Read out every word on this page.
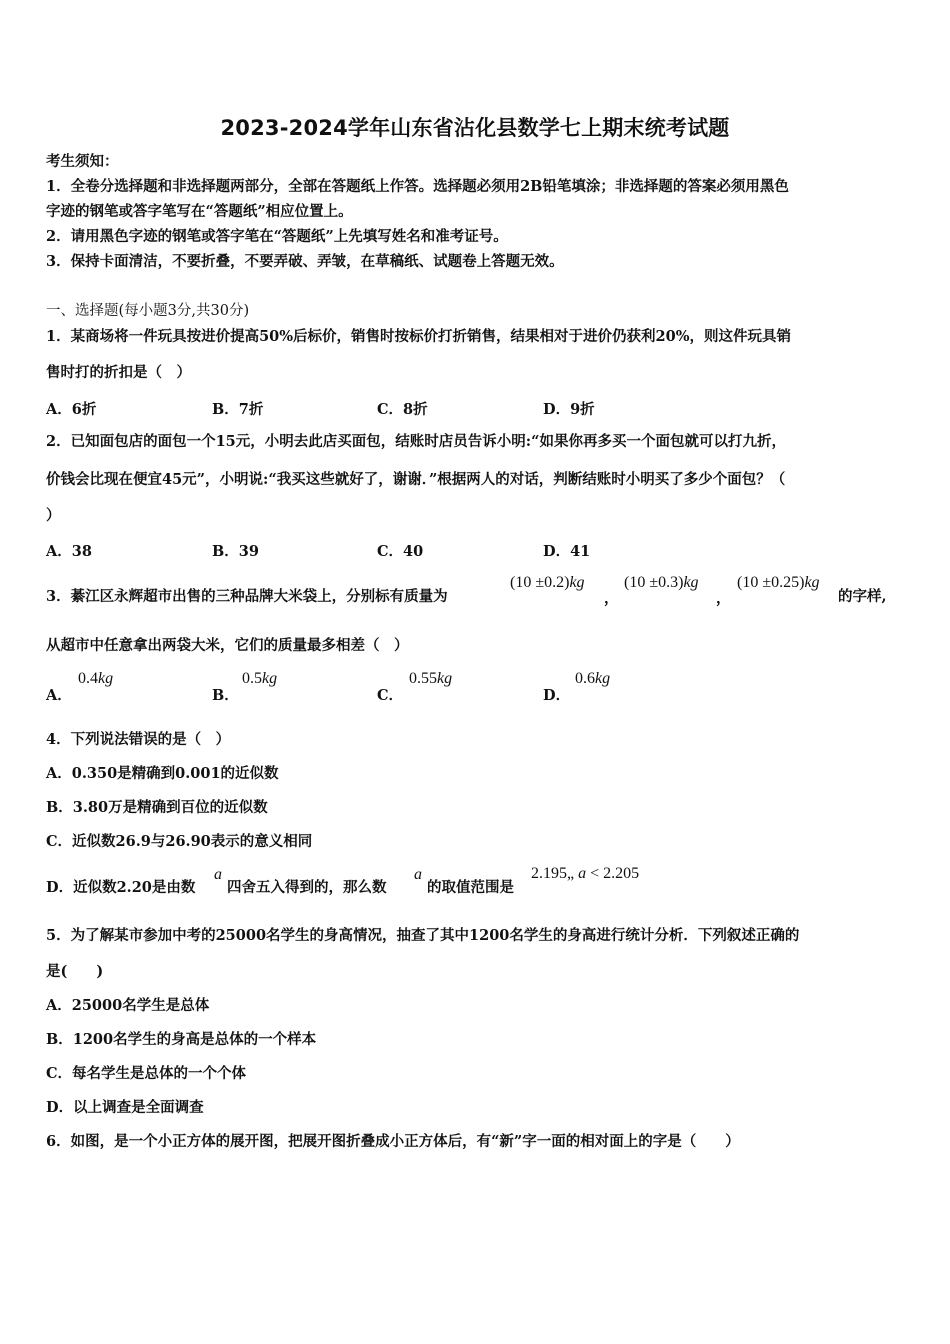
2023-2024学年山东省沾化县数学七上期末统考试题
考生须知：
1．全卷分选择题和非选择题两部分，全部在答题纸上作答。选择题必须用2B铅笔填涂；非选择题的答案必须用黑色
字迹的钢笔或答字笔写在“答题纸”相应位置上。
2．请用黑色字迹的钢笔或答字笔在“答题纸”上先填写姓名和准考证号。
3．保持卡面清洁，不要折叠，不要弄破、弄皱，在草稿纸、试题卷上答题无效。
一、选择题(每小题3分,共30分)
1．某商场将一件玩具按进价提高50%后标价，销售时按标价打折销售，结果相对于进价仍获利20%，则这件玩具销
售时打的折扣是（　）
A．6折	B．7折	C．8折	D．9折
2．已知面包店的面包一个15元，小明去此店买面包，结账时店员告诉小明:“如果你再多买一个面包就可以打九折，
价钱会比现在便宜45元”，小明说:“我买这些就好了，谢谢．”根据两人的对话，判断结账时小明买了多少个面包？（
）
A．38	B．39	C．40	D．41
3．綦江区永辉超市出售的三种品牌大米袋上，分别标有质量为
(10 ±0.2)kg
，
(10 ±0.3)kg
，
(10 ±0.25)kg
的字样,
从超市中任意拿出两袋大米，它们的质量最多相差（　）
A．
0.4kg
B．
0.5kg
C．
0.55kg
D．
0.6kg
4．下列说法错误的是（　）
A．0.350是精确到0.001的近似数
B．3.80万是精确到百位的近似数
C．近似数26.9与26.90表示的意义相同
D．近似数2.20是由数
a
四舍五入得到的，那么数
a
的取值范围是
2.195„ a < 2.205
5．为了解某市参加中考的25000名学生的身高情况，抽查了其中1200名学生的身高进行统计分析．下列叙述正确的
是(　　)
A．25000名学生是总体
B．1200名学生的身高是总体的一个样本
C．每名学生是总体的一个个体
D．以上调查是全面调查
6．如图，是一个小正方体的展开图，把展开图折叠成小正方体后，有“新”字一面的相对面上的字是（　　）
